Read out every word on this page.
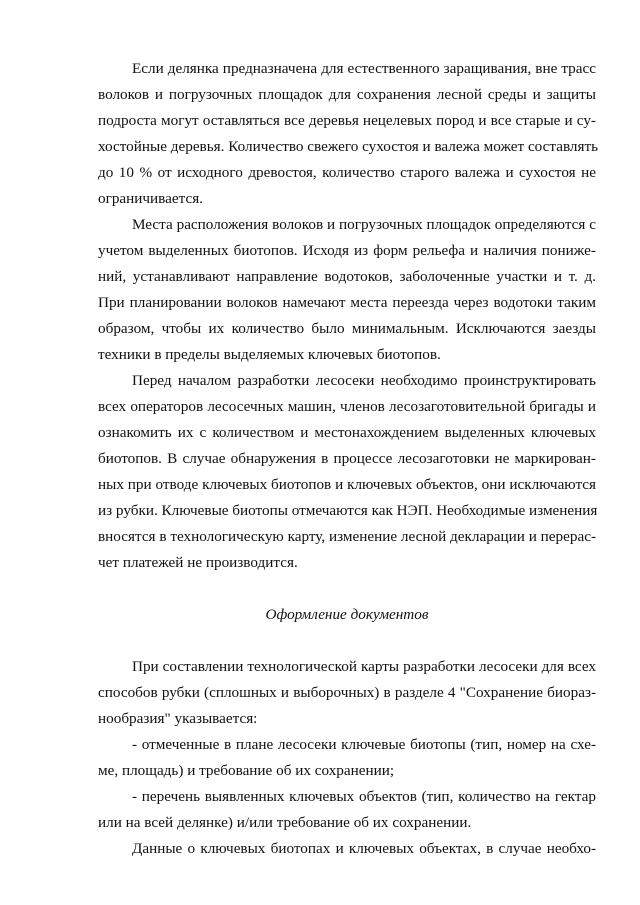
Если делянка предназначена для естественного заращивания, вне трасс
волоков и погрузочных площадок для сохранения лесной среды и защиты
подроста могут оставляться все деревья нецелевых пород и все старые и су-
хостойные деревья. Количество свежего сухостоя и валежа может составлять
до 10 % от исходного древостоя, количество старого валежа и сухостоя не
ограничивается.
Места расположения волоков и погрузочных площадок определяются с
учетом выделенных биотопов. Исходя из форм рельефа и наличия понижe-
ний, устанавливают направление водотоков, заболоченные участки и т. д.
При планировании волоков намечают места переезда через водотоки таким
образом, чтобы их количество было минимальным. Исключаются заезды
техники в пределы выделяемых ключевых биотопов.
Перед началом разработки лесосеки необходимо проинструктировать
всех операторов лесосечных машин, членов лесозаготовительной бригады и
ознакомить их с количеством и местонахождением выделенных ключевых
биотопов. В случае обнаружения в процессе лесозаготовки не маркирован-
ных при отводе ключевых биотопов и ключевых объектов, они исключаются
из рубки. Ключевые биотопы отмечаются как НЭП. Необходимые изменения
вносятся в технологическую карту, изменение лесной декларации и перерас-
чет платежей не производится.

Оформление документов

При составлении технологической карты разработки лесосеки для всех
способов рубки (сплошных и выборочных) в разделе 4 "Сохранение биораз-
нообразия" указывается:
- отмеченные в плане лесосеки ключевые биотопы (тип, номер на схе-
ме, площадь) и требование об их сохранении;
- перечень выявленных ключевых объектов (тип, количество на гектар
или на всей делянке) и/или требование об их сохранении.
Данные о ключевых биотопах и ключевых объектах, в случае необхо-
